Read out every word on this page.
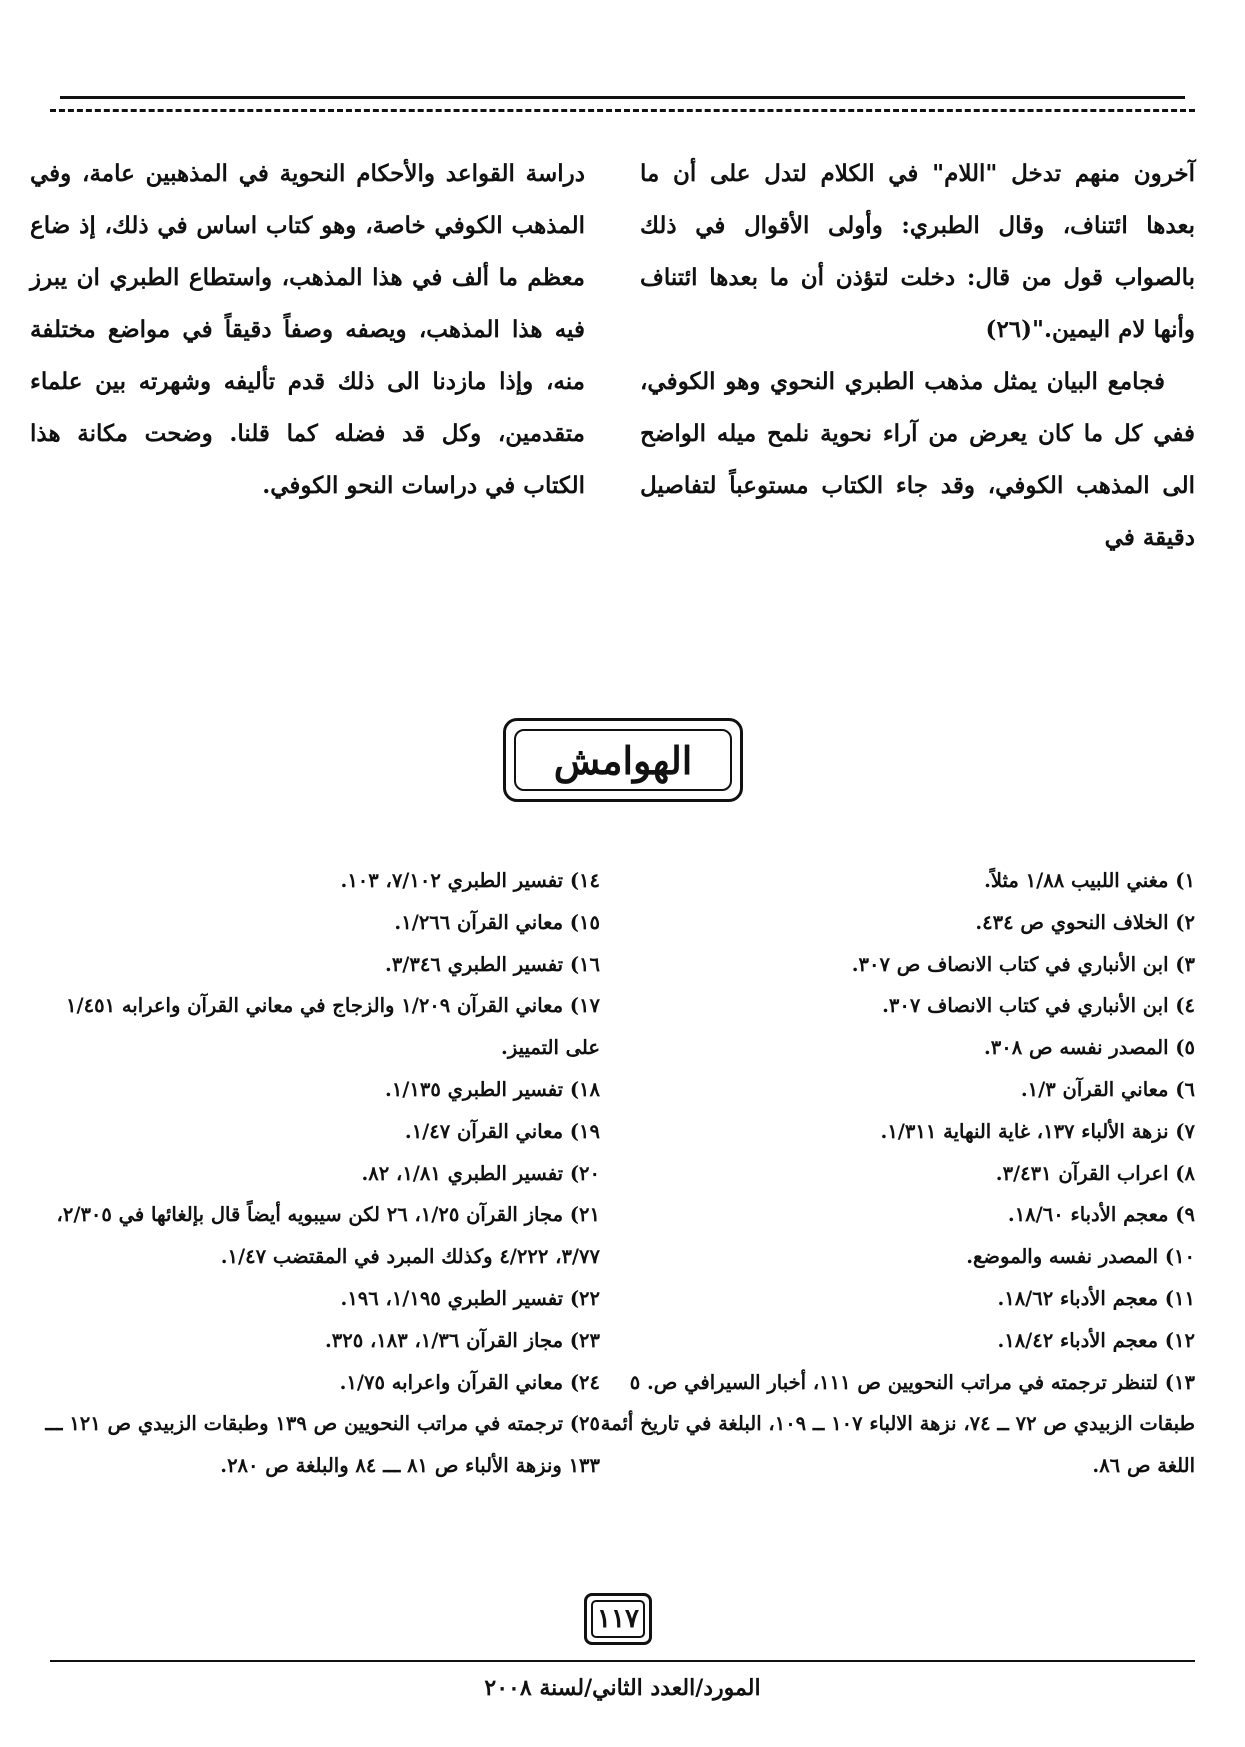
آخرون منهم تدخل "اللام" في الكلام لتدل على أن ما بعدها ائتناف، وقال الطبري: وأولى الأقوال في ذلك بالصواب قول من قال: دخلت لتؤذن أن ما بعدها ائتناف وأنها لام اليمين."(٢٦)

فجامع البيان يمثل مذهب الطبري النحوي وهو الكوفي، ففي كل ما كان يعرض من آراء نحوية نلمح ميله الواضح الى المذهب الكوفي، وقد جاء الكتاب مستوعباً لتفاصيل دقيقة في

دراسة القواعد والأحكام النحوية في المذهبين عامة، وفي المذهب الكوفي خاصة، وهو كتاب اساس في ذلك، إذ ضاع معظم ما ألف في هذا المذهب، واستطاع الطبري ان يبرز فيه هذا المذهب، ويصفه وصفاً دقيقاً في مواضع مختلفة منه، وإذا مازدنا الى ذلك قدم تأليفه وشهرته بين علماء متقدمين، وكل قد فضله كما قلنا. وضحت مكانة هذا الكتاب في دراسات النحو الكوفي.

الهوامش
١) مغني اللبيب ١/٨٨ مثلاً.
٢) الخلاف النحوي ص ٤٣٤.
٣) ابن الأنباري في كتاب الانصاف ص ٣٠٧.
٤) ابن الأنباري في كتاب الانصاف ٣٠٧.
٥) المصدر نفسه ص ٣٠٨.
٦) معاني القرآن ١/٣.
٧) نزهة الألباء ١٣٧، غاية النهاية ١/٣١١.
٨) اعراب القرآن ٣/٤٣١.
٩) معجم الأدباء ١٨/٦٠.
١٠) المصدر نفسه والموضع.
١١) معجم الأدباء ١٨/٦٢.
١٢) معجم الأدباء ١٨/٤٢.
١٣) لتنظر ترجمته في مراتب النحويين ص ١١١، أخبار السيرافي ص. ٥ طبقات الزبيدي ص ٧٢ ــ ٧٤، نزهة الالباء ١٠٧ ــ ١٠٩، البلغة في تاريخ أئمة اللغة ص ٨٦.
١٤) تفسير الطبري ٧/١٠٢، ١٠٣.
١٥) معاني القرآن ١/٢٦٦.
١٦) تفسير الطبري ٣/٣٤٦.
١٧) معاني القرآن ١/٢٠٩ والزجاج في معاني القرآن واعرابه ١/٤٥١ على التمييز.
١٨) تفسير الطبري ١/١٣٥.
١٩) معاني القرآن ١/٤٧.
٢٠) تفسير الطبري ١/٨١، ٨٢.
٢١) مجاز القرآن ١/٢٥، ٢٦ لكن سيبويه أيضاً قال بإلغائها في ٢/٣٠٥، ٣/٧٧، ٤/٢٢٢ وكذلك المبرد في المقتضب ١/٤٧.
٢٢) تفسير الطبري ١/١٩٥، ١٩٦.
٢٣) مجاز القرآن ١/٣٦، ١٨٣، ٣٢٥.
٢٤) معاني القرآن واعرابه ١/٧٥.
٢٥) ترجمته في مراتب النحويين ص ١٣٩ وطبقات الزبيدي ص ١٢١ ـــ ١٣٣ ونزهة الألباء ص ٨١ ـــ ٨٤ والبلغة ص ٢٨٠.
١١٧
المورد/العدد الثاني/لسنة ٢٠٠٨
